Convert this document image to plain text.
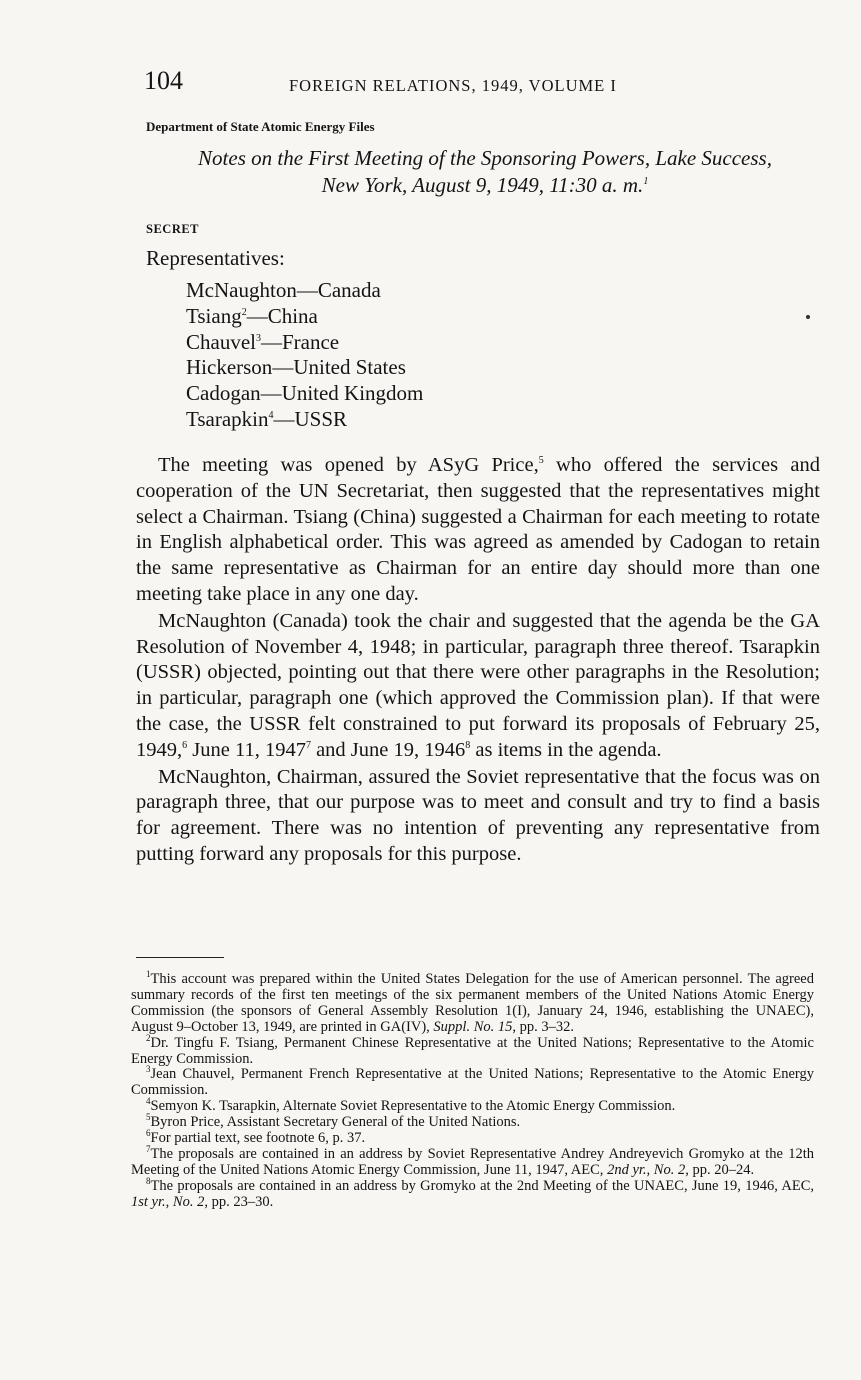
104	FOREIGN RELATIONS, 1949, VOLUME I
Department of State Atomic Energy Files
Notes on the First Meeting of the Sponsoring Powers, Lake Success,
New York, August 9, 1949, 11:30 a. m.$^1$
SECRET
Representatives:
McNaughton—Canada
Tsiang$^2$—China
Chauvel$^3$—France
Hickerson—United States
Cadogan—United Kingdom
Tsarapkin$^4$—USSR

The meeting was opened by ASyG Price,$^5$ who offered the services and cooperation of the UN Secretariat, then suggested that the representatives might select a Chairman. Tsiang (China) suggested a Chairman for each meeting to rotate in English alphabetical order. This was agreed as amended by Cadogan to retain the same representative as Chairman for an entire day should more than one meeting take place in any one day.

McNaughton (Canada) took the chair and suggested that the agenda be the GA Resolution of November 4, 1948; in particular, paragraph three thereof. Tsarapkin (USSR) objected, pointing out that there were other paragraphs in the Resolution; in particular, paragraph one (which approved the Commission plan). If that were the case, the USSR felt constrained to put forward its proposals of February 25, 1949,$^6$ June 11, 1947$^7$ and June 19, 1946$^8$ as items in the agenda.

McNaughton, Chairman, assured the Soviet representative that the focus was on paragraph three, that our purpose was to meet and consult and try to find a basis for agreement. There was no intention of preventing any representative from putting forward any proposals for this purpose.

$^1$This account was prepared within the United States Delegation for the use of American personnel. The agreed summary records of the first ten meetings of the six permanent members of the United Nations Atomic Energy Commission (the sponsors of General Assembly Resolution 1(I), January 24, 1946, establishing the UNAEC), August 9–October 13, 1949, are printed in GA(IV), Suppl. No. 15, pp. 3–32.

$^2$Dr. Tingfu F. Tsiang, Permanent Chinese Representative at the United Nations; Representative to the Atomic Energy Commission.

$^3$Jean Chauvel, Permanent French Representative at the United Nations; Representative to the Atomic Energy Commission.

$^4$Semyon K. Tsarapkin, Alternate Soviet Representative to the Atomic Energy Commission.

$^5$Byron Price, Assistant Secretary General of the United Nations.

$^6$For partial text, see footnote 6, p. 37.

$^7$The proposals are contained in an address by Soviet Representative Andrey Andreyevich Gromyko at the 12th Meeting of the United Nations Atomic Energy Commission, June 11, 1947, AEC, 2nd yr., No. 2, pp. 20–24.

$^8$The proposals are contained in an address by Gromyko at the 2nd Meeting of the UNAEC, June 19, 1946, AEC, 1st yr., No. 2, pp. 23–30.
